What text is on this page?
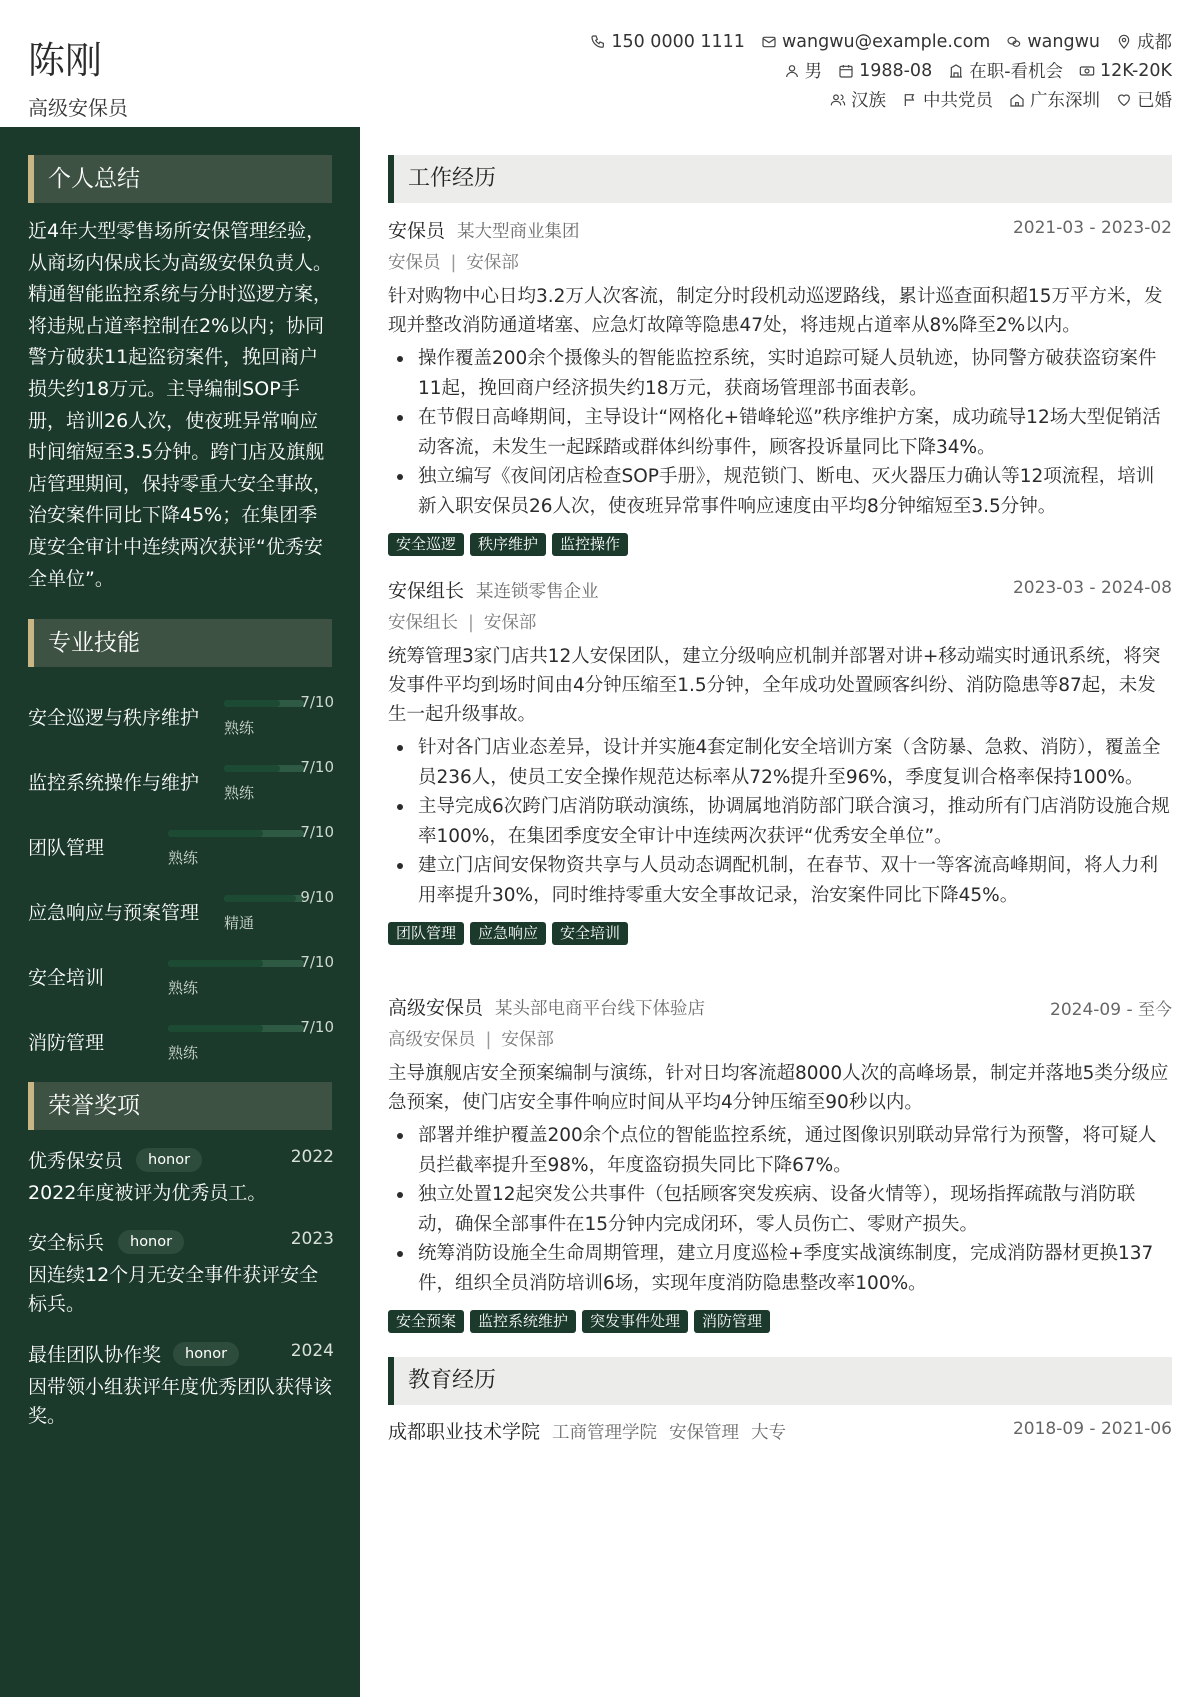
陈刚
高级安保员
150 0000 1111 wangwu@example.com wangwu 成都
男 1988-08 在职-看机会 12K-20K
汉族 中共党员 广东深圳 已婚
个人总结
近4年大型零售场所安保管理经验，从商场内保成长为高级安保负责人。精通智能监控系统与分时巡逻方案，将违规占道率控制在2%以内；协同警方破获11起盗窃案件，挽回商户损失约18万元。主导编制SOP手册，培训26人次，使夜班异常响应时间缩短至3.5分钟。跨门店及旗舰店管理期间，保持零重大安全事故，治安案件同比下降45%；在集团季度安全审计中连续两次获评“优秀安全单位”。
专业技能
安全巡逻与秩序维护 熟练
7/10
监控系统操作与维护 熟练
7/10
团队管理	熟练
7/10
应急响应与预案管理 精通
9/10
安全培训	熟练
7/10
消防管理	熟练
7/10
荣誉奖项
优秀保安员	honor	2022
2022年度被评为优秀员工。
安全标兵	honor	2023
因连续12个月无安全事件获评安全标兵。
最佳团队协作奖	honor	2024
因带领小组获评年度优秀团队获得该奖。
工作经历
安保员 某大型商业集团	2021-03 - 2023-02
安保员 | 安保部
针对购物中心日均3.2万人次客流，制定分时段机动巡逻路线，累计巡查面积超15万平方米，发现并整改消防通道堵塞、应急灯故障等隐患47处，将违规占道率从8%降至2%以内。
操作覆盖200余个摄像头的智能监控系统，实时追踪可疑人员轨迹，协同警方破获盗窃案件11起，挽回商户经济损失约18万元，获商场管理部书面表彰。
在节假日高峰期间，主导设计“网格化+错峰轮巡”秩序维护方案，成功疏导12场大型促销活动客流，未发生一起踩踏或群体纠纷事件，顾客投诉量同比下降34%。
独立编写《夜间闭店检查SOP手册》，规范锁门、断电、灭火器压力确认等12项流程，培训新入职安保员26人次，使夜班异常事件响应速度由平均8分钟缩短至3.5分钟。
安全巡逻	秩序维护	监控操作
安保组长 某连锁零售企业	2023-03 - 2024-08
安保组长 | 安保部
统筹管理3家门店共12人安保团队，建立分级响应机制并部署对讲+移动端实时通讯系统，将突发事件平均到场时间由4分钟压缩至1.5分钟，全年成功处置顾客纠纷、消防隐患等87起，未发生一起升级事故。
针对各门店业态差异，设计并实施4套定制化安全培训方案（含防暴、急救、消防），覆盖全员236人，使员工安全操作规范达标率从72%提升至96%，季度复训合格率保持100%。
主导完成6次跨门店消防联动演练，协调属地消防部门联合演习，推动所有门店消防设施合规率100%，在集团季度安全审计中连续两次获评“优秀安全单位”。
建立门店间安保物资共享与人员动态调配机制，在春节、双十一等客流高峰期间，将人力利用率提升30%，同时维持零重大安全事故记录，治安案件同比下降45%。
团队管理	应急响应	安全培训
高级安保员 某头部电商平台线下体验店	2024-09 - 至今
高级安保员 | 安保部
主导旗舰店安全预案编制与演练，针对日均客流超8000人次的高峰场景，制定并落地5类分级应急预案，使门店安全事件响应时间从平均4分钟压缩至90秒以内。
部署并维护覆盖200余个点位的智能监控系统，通过图像识别联动异常行为预警，将可疑人员拦截率提升至98%，年度盗窃损失同比下降67%。
独立处置12起突发公共事件（包括顾客突发疾病、设备火情等），现场指挥疏散与消防联动，确保全部事件在15分钟内完成闭环，零人员伤亡、零财产损失。
统筹消防设施全生命周期管理，建立月度巡检+季度实战演练制度，完成消防器材更换137件，组织全员消防培训6场，实现年度消防隐患整改率100%。
安全预案	监控系统维护	突发事件处理	消防管理
教育经历
成都职业技术学院 工商管理学院 安保管理 大专	2018-09 - 2021-06
